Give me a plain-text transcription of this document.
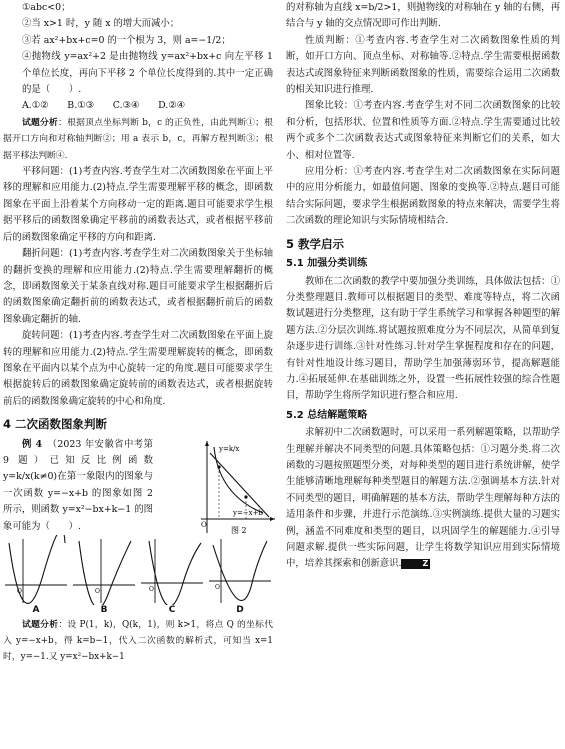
①abc<0；

②当 x>1 时，y 随 x 的增大而减小；

③若 ax²+bx+c=0 的一个根为 3，则 a=−1/2；

④抛物线 y=ax²+2 是由抛物线 y=ax²+bx+c 向左平移 1 个单位长度，再向下平移 2 个单位长度得到的.其中一定正确的是（　　）.

A.①②　　B.①③　　C.③④　　D.②④

试题分析：根据顶点坐标判断 b，c 的正负性，由此判断①；根据开口方向和对称轴判断②；用 a 表示 b，c，再解方程判断③；根据平移法判断④.

平移问题：(1)考查内容.考查学生对二次函数图象在平面上平移的理解和应用能力.(2)特点.学生需要理解平移的概念，即函数图象在平面上沿着某个方向移动一定的距离.题目可能要求学生根据平移后的函数图象确定平移前的函数表达式，或者根据平移前后的函数图象确定平移的方向和距离.

翻折问题：(1)考查内容.考查学生对二次函数图象关于坐标轴的翻折变换的理解和应用能力.(2)特点.学生需要理解翻折的概念，即函数图象关于某条直线对称.题目可能要求学生根据翻折后的函数图象确定翻折前的函数表达式，或者根据翻折前后的函数图象确定翻折的轴.

旋转问题：(1)考查内容.考查学生对二次函数图象在平面上旋转的理解和应用能力.(2)特点.学生需要理解旋转的概念，即函数图象在平面内以某个点为中心旋转一定的角度.题目可能要求学生根据旋转后的函数图象确定旋转前的函数表达式，或者根据旋转前后的函数图象确定旋转的中心和角度.

4 二次函数图象判断

例 4　 （2023 年安徽省中考第 9 题）已知反比例函数 y=k/x(k≠0)在第一象限内的图象与一次函数 y=−x+b 的图象如图 2 所示，则函数 y=x²−bx+k−1 的图象可能为（　　）.

y=k/x
y=−x+b
O
图 2
O
A
O
B
O
C
O
D

试题分析：设 P(1，k)，Q(k，1)，则 k>1，将点 Q 的坐标代入 y=−x+b，得 k=b−1，代入二次函数的解析式，可知当 x=1 时，y=−1.又 y=x²−bx+k−1

的对称轴为直线 x=b/2>1，则抛物线的对称轴在 y 轴的右侧，再结合与 y 轴的交点情况即可作出判断.

性质判断：①考查内容.考查学生对二次函数图象性质的判断，如开口方向、顶点坐标、对称轴等.②特点.学生需要根据函数表达式或图象特征来判断函数图象的性质，需要综合运用二次函数的相关知识进行推理.

图象比较：①考查内容.考查学生对不同二次函数图象的比较和分析，包括形状、位置和性质等方面.②特点.学生需要通过比较两个或多个二次函数表达式或图象特征来判断它们的关系，如大小、相对位置等.

应用分析：①考查内容.考查学生对二次函数图象在实际问题中的应用分析能力，如最值问题、图象的变换等.②特点.题目可能结合实际问题，要求学生根据函数图象的特点来解决，需要学生将二次函数的理论知识与实际情境相结合.

5 教学启示
5.1 加强分类训练

教师在二次函数的教学中要加强分类训练，具体做法包括：①分类整理题目.教师可以根据题目的类型、难度等特点，将二次函数试题进行分类整理，这有助于学生系统学习和掌握各种题型的解题方法.②分层次训练.将试题按照难度分为不同层次，从简单到复杂逐步进行训练.③针对性练习.针对学生掌握程度和存在的问题，有针对性地设计练习题目，帮助学生加强薄弱环节，提高解题能力.④拓展延伸.在基础训练之外，设置一些拓展性较强的综合性题目，帮助学生将所学知识进行整合和应用.

5.2 总结解题策略

求解初中二次函数题时，可以采用一系列解题策略，以帮助学生理解并解决不同类型的问题.具体策略包括：①习题分类.将二次函数的习题按照题型分类，对每种类型的题目进行系统讲解，使学生能够清晰地理解每种类型题目的解题方法.②强调基本方法.针对不同类型的题目，明确解题的基本方法，帮助学生理解每种方法的适用条件和步骤，并进行示范演练.③实例演练.提供大量的习题实例，涵盖不同难度和类型的题目，以巩固学生的解题能力.④引导问题求解.提供一些实际问题，让学生将数学知识应用到实际情境中，培养其探索和创新意识.	Z
